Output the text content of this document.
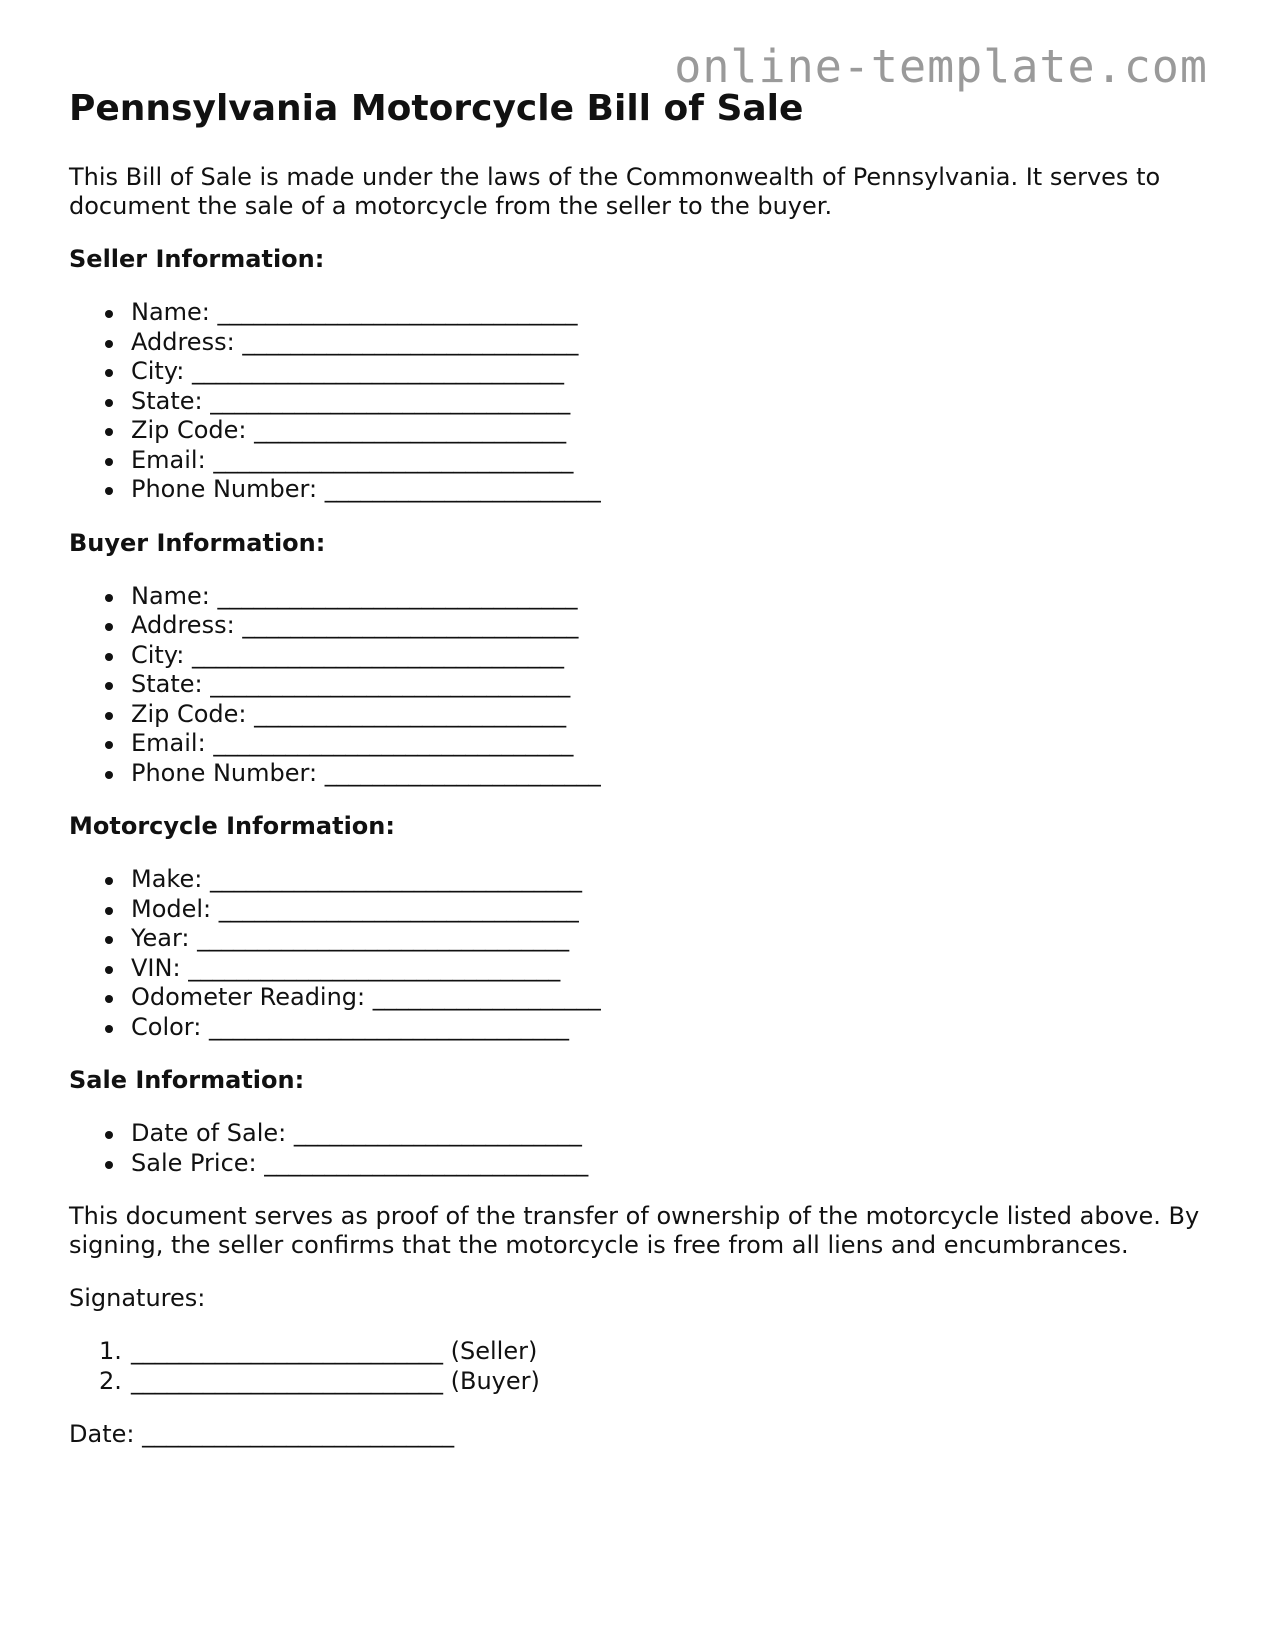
online-template.com
Pennsylvania Motorcycle Bill of Sale

This Bill of Sale is made under the laws of the Commonwealth of Pennsylvania. It serves to document the sale of a motorcycle from the seller to the buyer.

Seller Information:
Name: ______________________________
Address: ____________________________
City: _______________________________
State: ______________________________
Zip Code: __________________________
Email: ______________________________
Phone Number: _______________________
Buyer Information:
Name: ______________________________
Address: ____________________________
City: _______________________________
State: ______________________________
Zip Code: __________________________
Email: ______________________________
Phone Number: _______________________
Motorcycle Information:
Make: _______________________________
Model: ______________________________
Year: _______________________________
VIN: _______________________________
Odometer Reading: ___________________
Color: ______________________________
Sale Information:
Date of Sale: ________________________
Sale Price: ___________________________

This document serves as proof of the transfer of ownership of the motorcycle listed above. By signing, the seller confirms that the motorcycle is free from all liens and encumbrances.

Signatures:

1. __________________________ (Seller)
2. __________________________ (Buyer)
Date: __________________________
